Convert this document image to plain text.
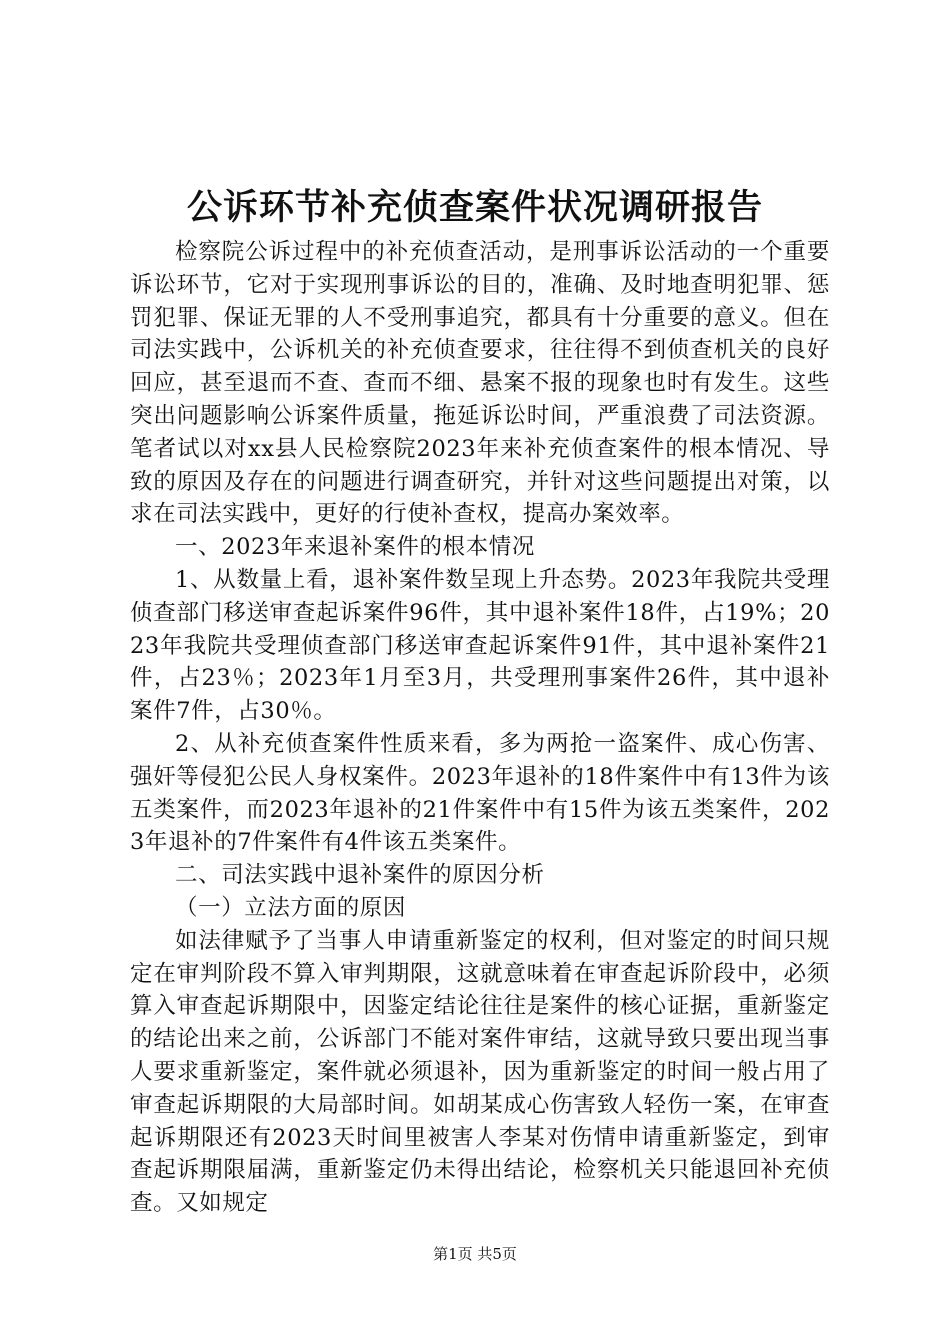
公诉环节补充侦查案件状况调研报告

检察院公诉过程中的补充侦查活动，是刑事诉讼活动的一个重要诉讼环节，它对于实现刑事诉讼的目的，准确、及时地查明犯罪、惩罚犯罪、保证无罪的人不受刑事追究，都具有十分重要的意义。但在司法实践中，公诉机关的补充侦查要求，往往得不到侦查机关的良好回应，甚至退而不查、查而不细、悬案不报的现象也时有发生。这些突出问题影响公诉案件质量，拖延诉讼时间，严重浪费了司法资源。笔者试以对xx县人民检察院2023年来补充侦查案件的根本情况、导致的原因及存在的问题进行调查研究，并针对这些问题提出对策，以求在司法实践中，更好的行使补查权，提高办案效率。

一、2023年来退补案件的根本情况

1、从数量上看，退补案件数呈现上升态势。2023年我院共受理侦查部门移送审查起诉案件96件，其中退补案件18件，占19%；2023年我院共受理侦查部门移送审查起诉案件91件，其中退补案件21件，占23％；2023年1月至3月，共受理刑事案件26件，其中退补案件7件，占30％。

2、从补充侦查案件性质来看，多为两抢一盗案件、成心伤害、强奸等侵犯公民人身权案件。2023年退补的18件案件中有13件为该五类案件，而2023年退补的21件案件中有15件为该五类案件，2023年退补的7件案件有4件该五类案件。

二、司法实践中退补案件的原因分析

（一）立法方面的原因

如法律赋予了当事人申请重新鉴定的权利，但对鉴定的时间只规定在审判阶段不算入审判期限，这就意味着在审查起诉阶段中，必须算入审查起诉期限中，因鉴定结论往往是案件的核心证据，重新鉴定的结论出来之前，公诉部门不能对案件审结，这就导致只要出现当事人要求重新鉴定，案件就必须退补，因为重新鉴定的时间一般占用了审查起诉期限的大局部时间。如胡某成心伤害致人轻伤一案，在审查起诉期限还有2023天时间里被害人李某对伤情申请重新鉴定，到审查起诉期限届满，重新鉴定仍未得出结论，检察机关只能退回补充侦查。又如规定

第1页 共5页
